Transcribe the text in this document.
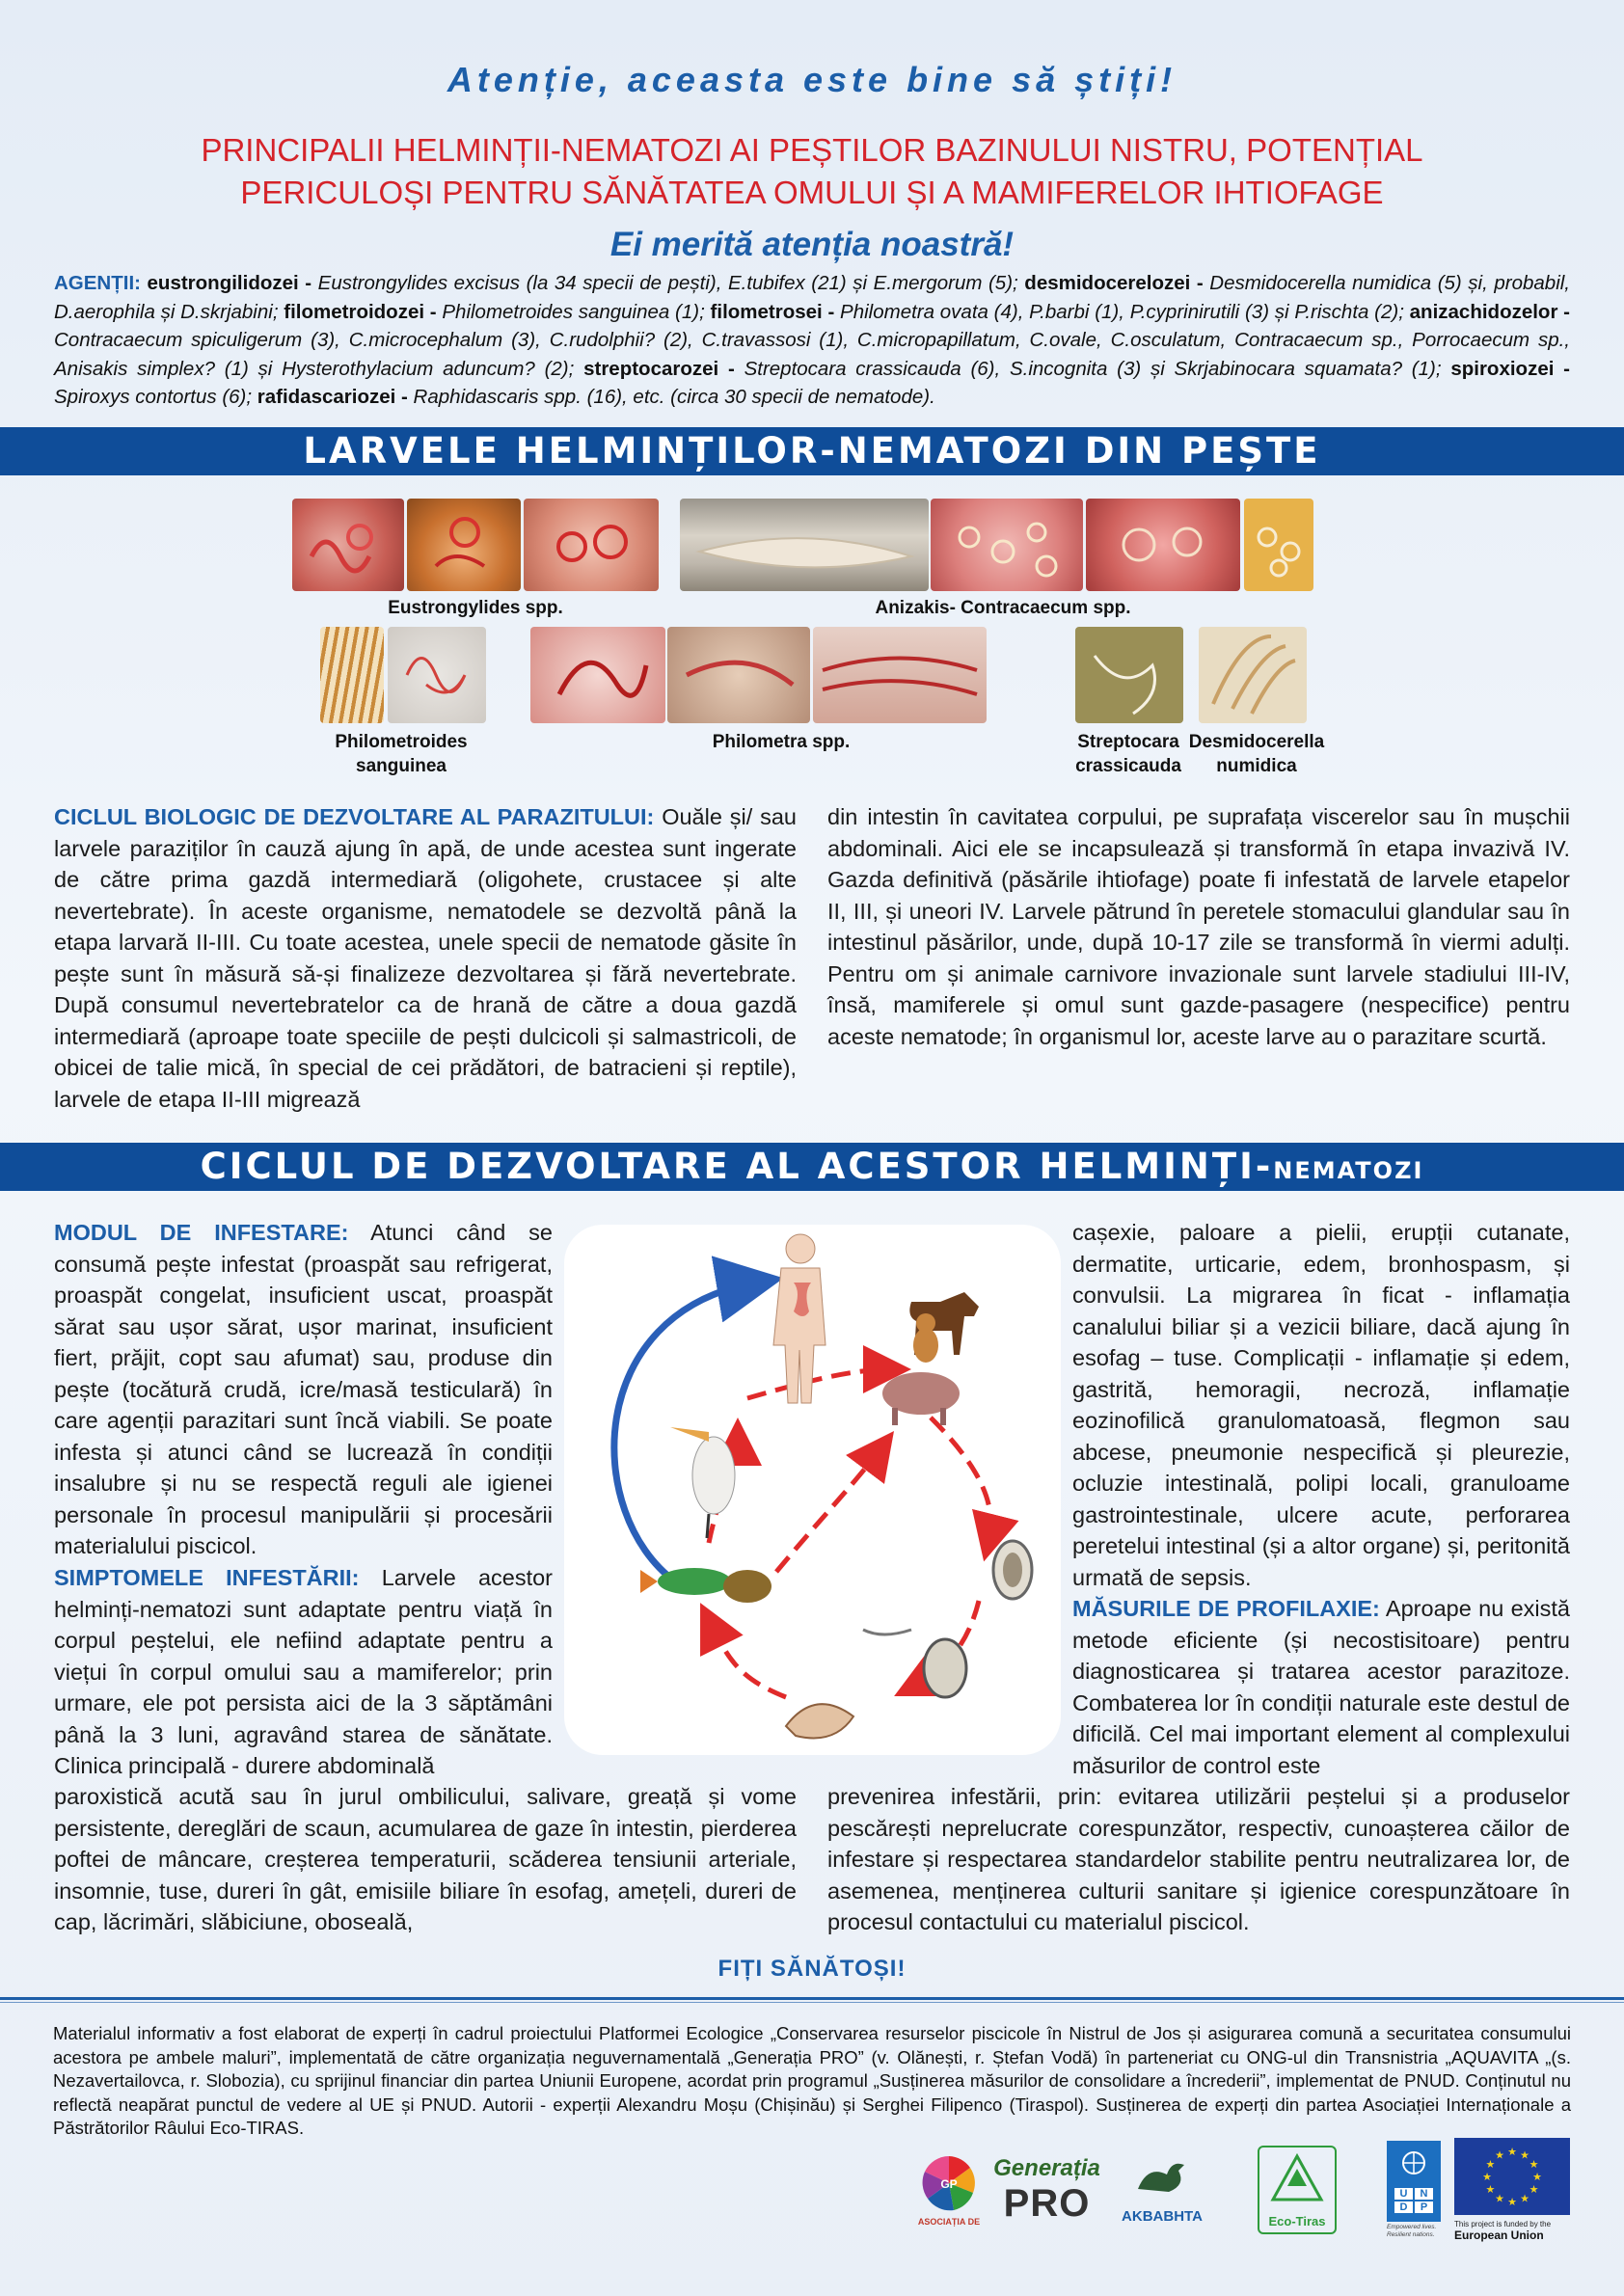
Atenție, aceasta este bine să știți!
PRINCIPALII HELMINȚII-NEMATOZI AI PEȘTILOR BAZINULUI NISTRU, POTENȚIAL
PERICULOȘI PENTRU SĂNĂTATEA OMULUI ȘI A MAMIFERELOR IHTIOFAGE
Ei merită atenția noastră!
AGENȚII: eustrongilidozei - Eustrongylides excisus (la 34 specii de pești), E.tubifex (21) și E.mergorum (5); desmidocerelozei - Desmidocerella numidica (5) și, probabil, D.aerophila și D.skrjabini; filometroidozei - Philometroides sanguinea (1); filometrosei - Philometra ovata (4), P.barbi (1), P.cyprinirutili (3) și P.rischta (2); anizachidozelor - Contracaecum spiculigerum (3), C.microcephalum (3), C.rudolphii? (2), C.travassosi (1), C.micropapillatum, C.ovale, C.osculatum, Contracaecum sp., Porrocaecum sp., Anisakis simplex? (1) și Hysterothylacium aduncum? (2); streptocarozei - Streptocara crassicauda (6), S.incognita (3) și Skrjabinocara squamata? (1); spiroxiozei - Spiroxys contortus (6); rafidascariozei - Raphidascaris spp. (16), etc. (circa 30 specii de nematode).
LARVELE HELMINȚILOR-NEMATOZI DIN PEȘTE
Eustrongylides spp.	Anizakis- Contracaecum spp.
Philometroides
sanguinea
Philometra spp.	Streptocara
crassicauda
Desmidocerella
numidica
CICLUL BIOLOGIC DE DEZVOLTARE AL PARAZITULUI: Ouăle și/ sau larvele paraziților în cauză ajung în apă, de unde acestea sunt ingerate de către prima gazdă intermediară (oligohete, crustacee și alte nevertebrate). În aceste organisme, nematodele se dezvoltă până la etapa larvară II-III. Cu toate acestea, unele specii de nematode găsite în pește sunt în măsură să-și finalizeze dezvoltarea și fără nevertebrate. După consumul nevertebratelor ca de hrană de către a doua gazdă intermediară (aproape toate speciile de pești dulcicoli și salmastricoli, de obicei de talie mică, în special de cei prădători, de batracieni și reptile), larvele de etapa II-III migrează
din intestin în cavitatea corpului, pe suprafața viscerelor sau în mușchii abdominali. Aici ele se incapsulează și transformă în etapa invazivă IV. Gazda definitivă (păsările ihtiofage) poate fi infestată de larvele etapelor II, III, și uneori IV. Larvele pătrund în peretele stomacului glandular sau în intestinul păsărilor, unde, după 10-17 zile se transformă în viermi adulți. Pentru om și animale carnivore invazionale sunt larvele stadiului III-IV, însă, mamiferele și omul sunt gazde-pasagere (nespecifice) pentru aceste nematode; în organismul lor, aceste larve au o parazitare scurtă.
CICLUL DE DEZVOLTARE AL ACESTOR HELMINȚI-NEMATOZI
MODUL DE INFESTARE: Atunci când se consumă pește infestat (proaspăt sau refrigerat, proaspăt congelat, insuficient uscat, proaspăt sărat sau ușor sărat, ușor marinat, insuficient fiert, prăjit, copt sau afumat) sau, produse din pește (tocătură crudă, icre/masă testiculară) în care agenții parazitari sunt încă viabili. Se poate infesta și atunci când se lucrează în condiții insalubre și nu se respectă reguli ale igienei personale în procesul manipulării și procesării materialului piscicol.
SIMPTOMELE INFESTĂRII: Larvele acestor helminți-nematozi sunt adaptate pentru viață în corpul peștelui, ele nefiind adaptate pentru a viețui în corpul omului sau a mamiferelor; prin urmare, ele pot persista aici de la 3 săptămâni până la 3 luni, agravând starea de sănătate. Clinica principală - durere abdominală
paroxistică acută sau în jurul ombilicului, salivare, greață și vome persistente, dereglări de scaun, acumularea de gaze în intestin, pierderea poftei de mâncare, creșterea temperaturii, scăderea tensiunii arteriale, insomnie, tuse, dureri în gât, emisiile biliare în esofag, amețeli, dureri de cap, lăcrimări, slăbiciune, oboseală,
cașexie, paloare a pielii, erupții cutanate, dermatite, urticarie, edem, bronhospasm, și convulsii. La migrarea în ficat - inflamația canalului biliar și a vezicii biliare, dacă ajung în esofag – tuse. Complicații - inflamație și edem, gastrită, hemoragii, necroză, inflamație eozinofilică granulomatoasă, flegmon sau abcese, pneumonie nespecifică și pleurezie, ocluzie intestinală, polipi locali, granuloame gastrointestinale, ulcere acute, perforarea peretelui intestinal (și a altor organe) și, peritonită urmată de sepsis.
MĂSURILE DE PROFILAXIE: Aproape nu există metode eficiente (și necostisitoare) pentru diagnosticarea și tratarea acestor parazitoze. Combaterea lor în condiții naturale este destul de dificilă. Cel mai important element al complexului măsurilor de control este
prevenirea infestării, prin: evitarea utilizării peștelui și a produselor pescărești neprelucrate corespunzător, respectiv, cunoașterea căilor de infestare și respectarea standardelor stabilite pentru neutralizarea lor, de asemenea, menținerea culturii sanitare și igienice corespunzătoare în procesul contactului cu materialul piscicol.
FIȚI SĂNĂTOȘI!
Materialul informativ a fost elaborat de experți în cadrul proiectului Platformei Ecologice „Conservarea resurselor piscicole în Nistrul de Jos și asigurarea comună a securitatea consumului acestora pe ambele maluri”, implementată de către organizația neguvernamentală „Generația PRO” (v. Olănești, r. Ștefan Vodă) în parteneriat cu ONG-ul din Transnistria „AQUAVITA „(s. Nezavertailovca, r. Slobozia), cu sprijinul financiar din partea Uniunii Europene, acordat prin programul „Susținerea măsurilor de consolidare a încrederii”, implementat de PNUD. Conținutul nu reflectă neapărat punctul de vedere al UE și PNUD. Autorii - experții Alexandru Moșu (Chișinău) și Serghei Filipenco (Tiraspol). Susținerea de experți din partea Asociației Internaționale a Păstrătorilor Râului Eco-TIRAS.
GP
ASOCIAȚIA DE
Generația
PRO	AKBABHTA	Eco-Tiras
U	N
D	P
Empowered lives. Resilient nations.
★
★
★
★
★
★
★
★
★ ★ ★
★
This project is funded by the
European Union
